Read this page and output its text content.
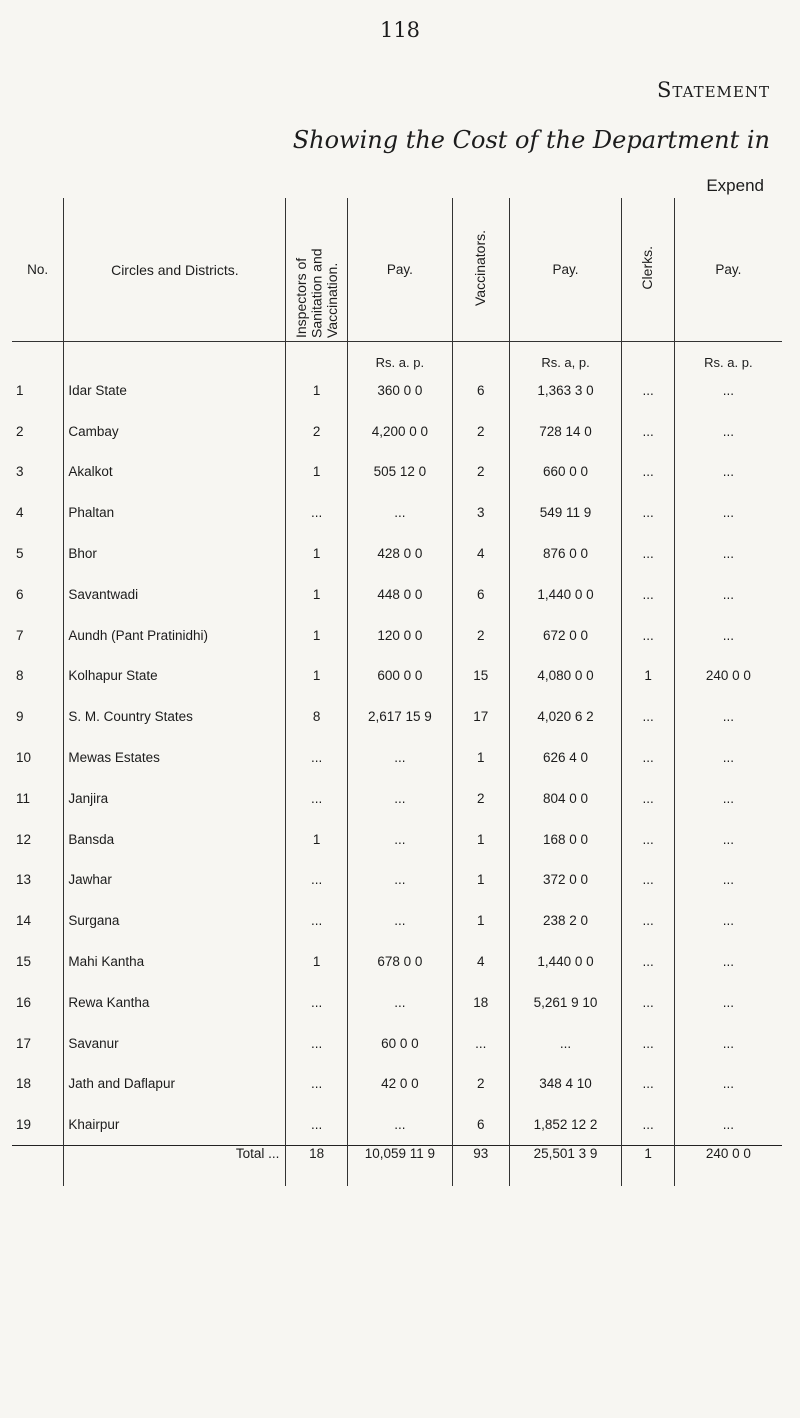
118
Statement
Showing the Cost of the Department in
Expend
No.	Circles and Districts.	Inspectors of Sanitation and Vaccination.	Pay.	Vaccinators.	Pay.	Clerks.	Pay.
			Rs. a. p.		Rs. a, p.		Rs. a. p.
1	Idar State	1	360 0 0	6	1,363 3 0	...	...
2	Cambay	2	4,200 0 0	2	728 14 0	...	...
3	Akalkot	1	505 12 0	2	660 0 0	...	...
4	Phaltan	...	...	3	549 11 9	...	...
5	Bhor	1	428 0 0	4	876 0 0	...	...
6	Savantwadi	1	448 0 0	6	1,440 0 0	...	...
7	Aundh (Pant Pratinidhi)	1	120 0 0	2	672 0 0	...	...
8	Kolhapur State	1	600 0 0	15	4,080 0 0	1	240 0 0
9	S. M. Country States	8	2,617 15 9	17	4,020 6 2	...	...
10	Mewas Estates	...	...	1	626 4 0	...	...
11	Janjira	...	...	2	804 0 0	...	...
12	Bansda	1	...	1	168 0 0	...	...
13	Jawhar	...	...	1	372 0 0	...	...
14	Surgana	...	...	1	238 2 0	...	...
15	Mahi Kantha	1	678 0 0	4	1,440 0 0	...	...
16	Rewa Kantha	...	...	18	5,261 9 10	...	...
17	Savanur	...	60 0 0	...	...	...	...
18	Jath and Daflapur	...	42 0 0	2	348 4 10	...	...
19	Khairpur	...	...	6	1,852 12 2	...	...
	Total ...	18	10,059 11 9	93	25,501 3 9	1	240 0 0
